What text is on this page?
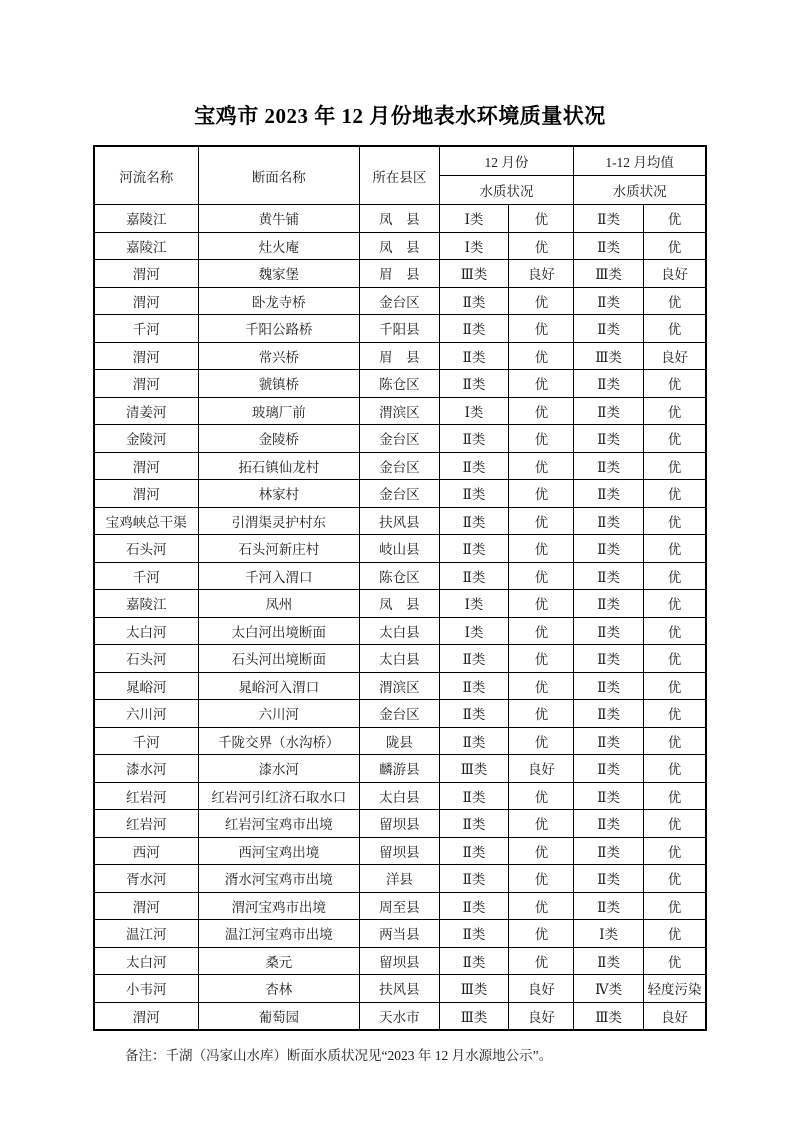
宝鸡市 2023 年 12 月份地表水环境质量状况
河流名称	断面名称	所在县区	12 月份		1-12 月均值	
			水质状况		水质状况	
嘉陵江	黄牛铺	凤　县	Ⅰ类	优	Ⅱ类	优
嘉陵江	灶火庵	凤　县	Ⅰ类	优	Ⅱ类	优
渭河	魏家堡	眉　县	Ⅲ类	良好	Ⅲ类	良好
渭河	卧龙寺桥	金台区	Ⅱ类	优	Ⅱ类	优
千河	千阳公路桥	千阳县	Ⅱ类	优	Ⅱ类	优
渭河	常兴桥	眉　县	Ⅱ类	优	Ⅲ类	良好
渭河	虢镇桥	陈仓区	Ⅱ类	优	Ⅱ类	优
清姜河	玻璃厂前	渭滨区	Ⅰ类	优	Ⅱ类	优
金陵河	金陵桥	金台区	Ⅱ类	优	Ⅱ类	优
渭河	拓石镇仙龙村	金台区	Ⅱ类	优	Ⅱ类	优
渭河	林家村	金台区	Ⅱ类	优	Ⅱ类	优
宝鸡峡总干渠	引渭渠灵护村东	扶风县	Ⅱ类	优	Ⅱ类	优
石头河	石头河新庄村	岐山县	Ⅱ类	优	Ⅱ类	优
千河	千河入渭口	陈仓区	Ⅱ类	优	Ⅱ类	优
嘉陵江	凤州	凤　县	Ⅰ类	优	Ⅱ类	优
太白河	太白河出境断面	太白县	Ⅰ类	优	Ⅱ类	优
石头河	石头河出境断面	太白县	Ⅱ类	优	Ⅱ类	优
晁峪河	晁峪河入渭口	渭滨区	Ⅱ类	优	Ⅱ类	优
六川河	六川河	金台区	Ⅱ类	优	Ⅱ类	优
千河	千陇交界（水沟桥）	陇县	Ⅱ类	优	Ⅱ类	优
漆水河	漆水河	麟游县	Ⅲ类	良好	Ⅱ类	优
红岩河	红岩河引红济石取水口	太白县	Ⅱ类	优	Ⅱ类	优
红岩河	红岩河宝鸡市出境	留坝县	Ⅱ类	优	Ⅱ类	优
西河	西河宝鸡出境	留坝县	Ⅱ类	优	Ⅱ类	优
胥水河	湑水河宝鸡市出境	洋县	Ⅱ类	优	Ⅱ类	优
渭河	渭河宝鸡市出境	周至县	Ⅱ类	优	Ⅱ类	优
温江河	温江河宝鸡市出境	两当县	Ⅱ类	优	Ⅰ类	优
太白河	桑元	留坝县	Ⅱ类	优	Ⅱ类	优
小韦河	杏林	扶风县	Ⅲ类	良好	Ⅳ类	轻度污染
渭河	葡萄园	天水市	Ⅲ类	良好	Ⅲ类	良好
备注：千湖（冯家山水库）断面水质状况见“2023 年 12 月水源地公示”。
